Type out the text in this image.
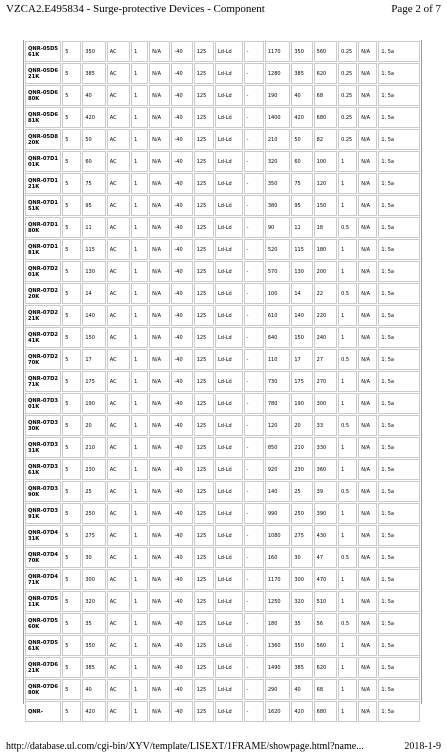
VZCA2.E495834 - Surge-protective Devices - Component	Page 2 of 7
QNR-05D561K	5	350	AC	1	N/A	-40	125	Ld-Ld	-	1170	350	560	0.25	N/A	1, 5a
QNR-05D621K	5	385	AC	1	N/A	-40	125	Ld-Ld	-	1280	385	620	0.25	N/A	1, 5a
QNR-05D680K	5	40	AC	1	N/A	-40	125	Ld-Ld	-	190	40	68	0.25	N/A	1, 5a
QNR-05D681K	5	420	AC	1	N/A	-40	125	Ld-Ld	-	1400	420	680	0.25	N/A	1, 5a
QNR-05D820K	5	50	AC	1	N/A	-40	125	Ld-Ld	-	210	50	82	0.25	N/A	1, 5a
QNR-07D101K	5	60	AC	1	N/A	-40	125	Ld-Ld	-	320	60	100	1	N/A	1, 5a
QNR-07D121K	5	75	AC	1	N/A	-40	125	Ld-Ld	-	350	75	120	1	N/A	1, 5a
QNR-07D151K	5	95	AC	1	N/A	-40	125	Ld-Ld	-	380	95	150	1	N/A	1, 5a
QNR-07D180K	5	11	AC	1	N/A	-40	125	Ld-Ld	-	90	11	18	0.5	N/A	1, 5a
QNR-07D181K	5	115	AC	1	N/A	-40	125	Ld-Ld	-	520	115	180	1	N/A	1, 5a
QNR-07D201K	5	130	AC	1	N/A	-40	125	Ld-Ld	-	570	130	200	1	N/A	1, 5a
QNR-07D220K	5	14	AC	1	N/A	-40	125	Ld-Ld	-	100	14	22	0.5	N/A	1, 5a
QNR-07D221K	5	140	AC	1	N/A	-40	125	Ld-Ld	-	610	140	220	1	N/A	1, 5a
QNR-07D241K	5	150	AC	1	N/A	-40	125	Ld-Ld	-	640	150	240	1	N/A	1, 5a
QNR-07D270K	5	17	AC	1	N/A	-40	125	Ld-Ld	-	110	17	27	0.5	N/A	1, 5a
QNR-07D271K	5	175	AC	1	N/A	-40	125	Ld-Ld	-	730	175	270	1	N/A	1, 5a
QNR-07D301K	5	190	AC	1	N/A	-40	125	Ld-Ld	-	780	190	300	1	N/A	1, 5a
QNR-07D330K	5	20	AC	1	N/A	-40	125	Ld-Ld	-	120	20	33	0.5	N/A	1, 5a
QNR-07D331K	5	210	AC	1	N/A	-40	125	Ld-Ld	-	850	210	330	1	N/A	1, 5a
QNR-07D361K	5	230	AC	1	N/A	-40	125	Ld-Ld	-	920	230	360	1	N/A	1, 5a
QNR-07D390K	5	25	AC	1	N/A	-40	125	Ld-Ld	-	140	25	39	0.5	N/A	1, 5a
QNR-07D391K	5	250	AC	1	N/A	-40	125	Ld-Ld	-	990	250	390	1	N/A	1, 5a
QNR-07D431K	5	275	AC	1	N/A	-40	125	Ld-Ld	-	1080	275	430	1	N/A	1, 5a
QNR-07D470K	5	30	AC	1	N/A	-40	125	Ld-Ld	-	160	30	47	0.5	N/A	1, 5a
QNR-07D471K	5	300	AC	1	N/A	-40	125	Ld-Ld	-	1170	300	470	1	N/A	1, 5a
QNR-07D511K	5	320	AC	1	N/A	-40	125	Ld-Ld	-	1250	320	510	1	N/A	1, 5a
QNR-07D560K	5	35	AC	1	N/A	-40	125	Ld-Ld	-	180	35	56	0.5	N/A	1, 5a
QNR-07D561K	5	350	AC	1	N/A	-40	125	Ld-Ld	-	1360	350	560	1	N/A	1, 5a
QNR-07D621K	5	385	AC	1	N/A	-40	125	Ld-Ld	-	1490	385	620	1	N/A	1, 5a
QNR-07D680K	5	40	AC	1	N/A	-40	125	Ld-Ld	-	290	40	68	1	N/A	1, 5a
QNR-	5	420	AC	1	N/A	-40	125	Ld-Ld	-	1620	420	680	1	N/A	1, 5a
http://database.ul.com/cgi-bin/XYV/template/LISEXT/1FRAME/showpage.html?name...	2018-1-9
